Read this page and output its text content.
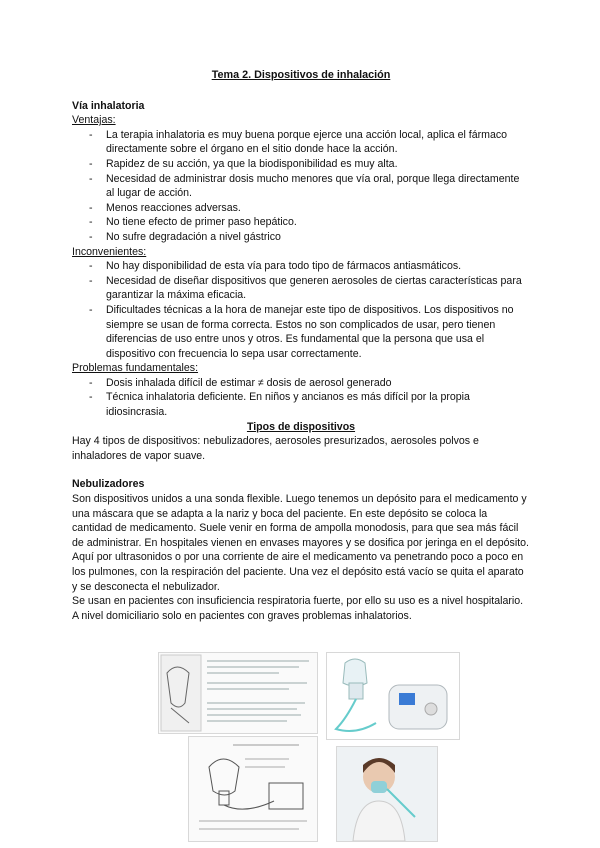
Tema 2. Dispositivos de inhalación

Vía inhalatoria

Ventajas:

- La terapia inhalatoria es muy buena porque ejerce una acción local, aplica el fármaco directamente sobre el órgano en el sitio donde hace la acción.
- Rapidez de su acción, ya que la biodisponibilidad es muy alta.
- Necesidad de administrar dosis mucho menores que vía oral, porque llega directamente al lugar de acción.
- Menos reacciones adversas.
- No tiene efecto de primer paso hepático.
- No sufre degradación a nivel gástrico

Inconvenientes:

- No hay disponibilidad de esta vía para todo tipo de fármacos antiasmáticos.
- Necesidad de diseñar dispositivos que generen aerosoles de ciertas características para garantizar la máxima eficacia.
- Dificultades técnicas a la hora de manejar este tipo de dispositivos. Los dispositivos no siempre se usan de forma correcta. Estos no son complicados de usar, pero tienen diferencias de uso entre unos y otros. Es fundamental que la persona que usa el dispositivo con frecuencia lo sepa usar correctamente.

Problemas fundamentales:

- Dosis inhalada difícil de estimar ≠ dosis de aerosol generado
- Técnica inhalatoria deficiente. En niños y ancianos es más difícil por la propia idiosincrasia.

Tipos de dispositivos

Hay 4 tipos de dispositivos: nebulizadores, aerosoles presurizados, aerosoles polvos e inhaladores de vapor suave.

Nebulizadores

Son dispositivos unidos a una sonda flexible. Luego tenemos un depósito para el medicamento y una máscara que se adapta a la nariz y boca del paciente. En este depósito se coloca la cantidad de medicamento. Suele venir en forma de ampolla monodosis, para que sea más fácil de administrar. En hospitales vienen en envases mayores y se dosifica por jeringa en el depósito.

Aquí por ultrasonidos o por una corriente de aire el medicamento va penetrando poco a poco en los pulmones, con la respiración del paciente. Una vez el depósito está vacío se quita el aparato y se desconecta el nebulizador.

Se usan en pacientes con insuficiencia respiratoria fuerte, por ello su uso es a nivel hospitalario. A nivel domiciliario solo en pacientes con graves problemas inhalatorios.
